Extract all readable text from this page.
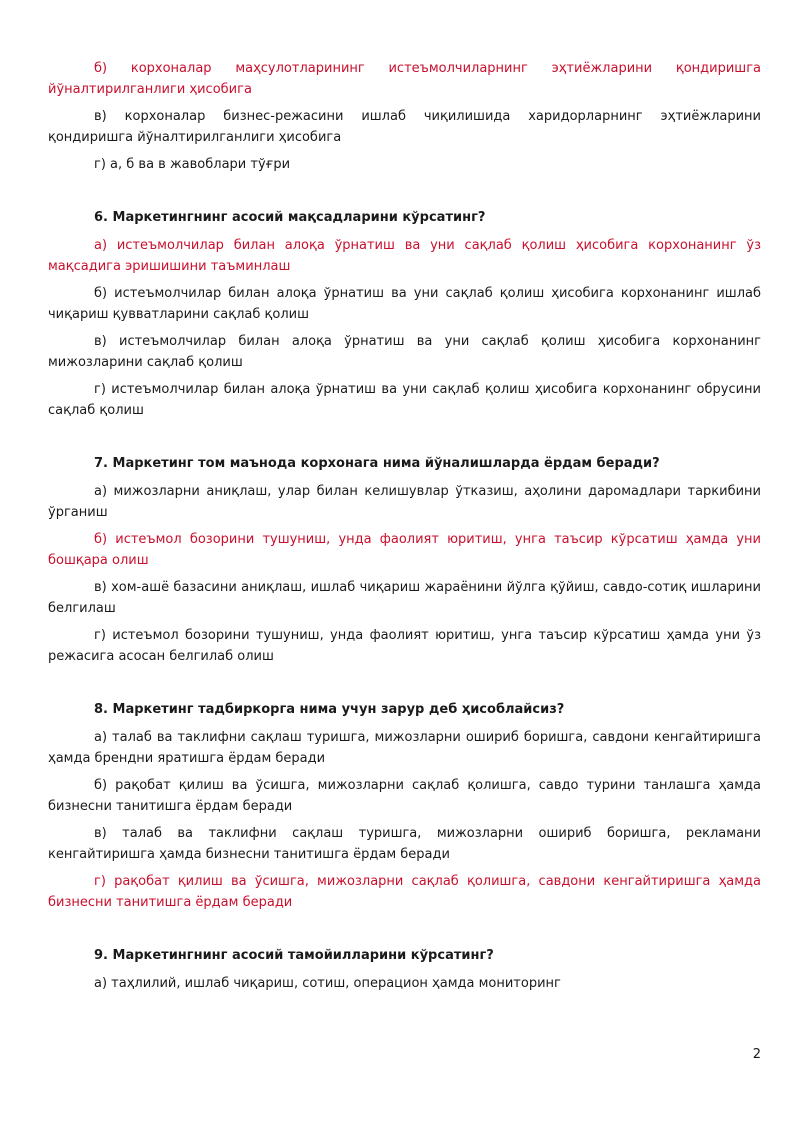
б) корхоналар маҳсулотларининг истеъмолчиларнинг эҳтиёжларини қондиришга йўналтирилганлиги ҳисобига

в) корхоналар бизнес-режасини ишлаб чиқилишида харидорларнинг эҳтиёжларини қондиришга йўналтирилганлиги ҳисобига

г) а, б ва в жавоблари тўғри

6. Маркетингнинг асосий мақсадларини кўрсатинг?

а) истеъмолчилар билан алоқа ўрнатиш ва уни сақлаб қолиш ҳисобига корхонанинг ўз мақсадига эришишини таъминлаш

б) истеъмолчилар билан алоқа ўрнатиш ва уни сақлаб қолиш ҳисобига корхонанинг ишлаб чиқариш қувватларини сақлаб қолиш

в) истеъмолчилар билан алоқа ўрнатиш ва уни сақлаб қолиш ҳисобига корхонанинг мижозларини сақлаб қолиш

г) истеъмолчилар билан алоқа ўрнатиш ва уни сақлаб қолиш ҳисобига корхонанинг обрусини сақлаб қолиш

7. Маркетинг том маънода корхонага нима йўналишларда ёрдам беради?

а) мижозларни аниқлаш, улар билан келишувлар ўтказиш, аҳолини даромадлари таркибини ўрганиш

б) истеъмол бозорини тушуниш, унда фаолият юритиш, унга таъсир кўрсатиш ҳамда уни бошқара олиш

в) хом-ашё базасини аниқлаш, ишлаб чиқариш жараёнини йўлга қўйиш, савдо-сотиқ ишларини белгилаш

г) истеъмол бозорини тушуниш, унда фаолият юритиш, унга таъсир кўрсатиш ҳамда уни ўз режасига асосан белгилаб олиш

8. Маркетинг тадбиркорга нима учун зарур деб ҳисоблайсиз?

а) талаб ва таклифни сақлаш туришга, мижозларни ошириб боришга, савдони кенгайтиришга ҳамда брендни яратишга ёрдам беради

б) рақобат қилиш ва ўсишга, мижозларни сақлаб қолишга, савдо турини танлашга ҳамда бизнесни танитишга ёрдам беради

в) талаб ва таклифни сақлаш туришга, мижозларни ошириб боришга, рекламани кенгайтиришга ҳамда бизнесни танитишга ёрдам беради

г) рақобат қилиш ва ўсишга, мижозларни сақлаб қолишга, савдони кенгайтиришга ҳамда бизнесни танитишга ёрдам беради

9. Маркетингнинг асосий тамойилларини кўрсатинг?

а) таҳлилий, ишлаб чиқариш, сотиш, операцион ҳамда мониторинг

2
